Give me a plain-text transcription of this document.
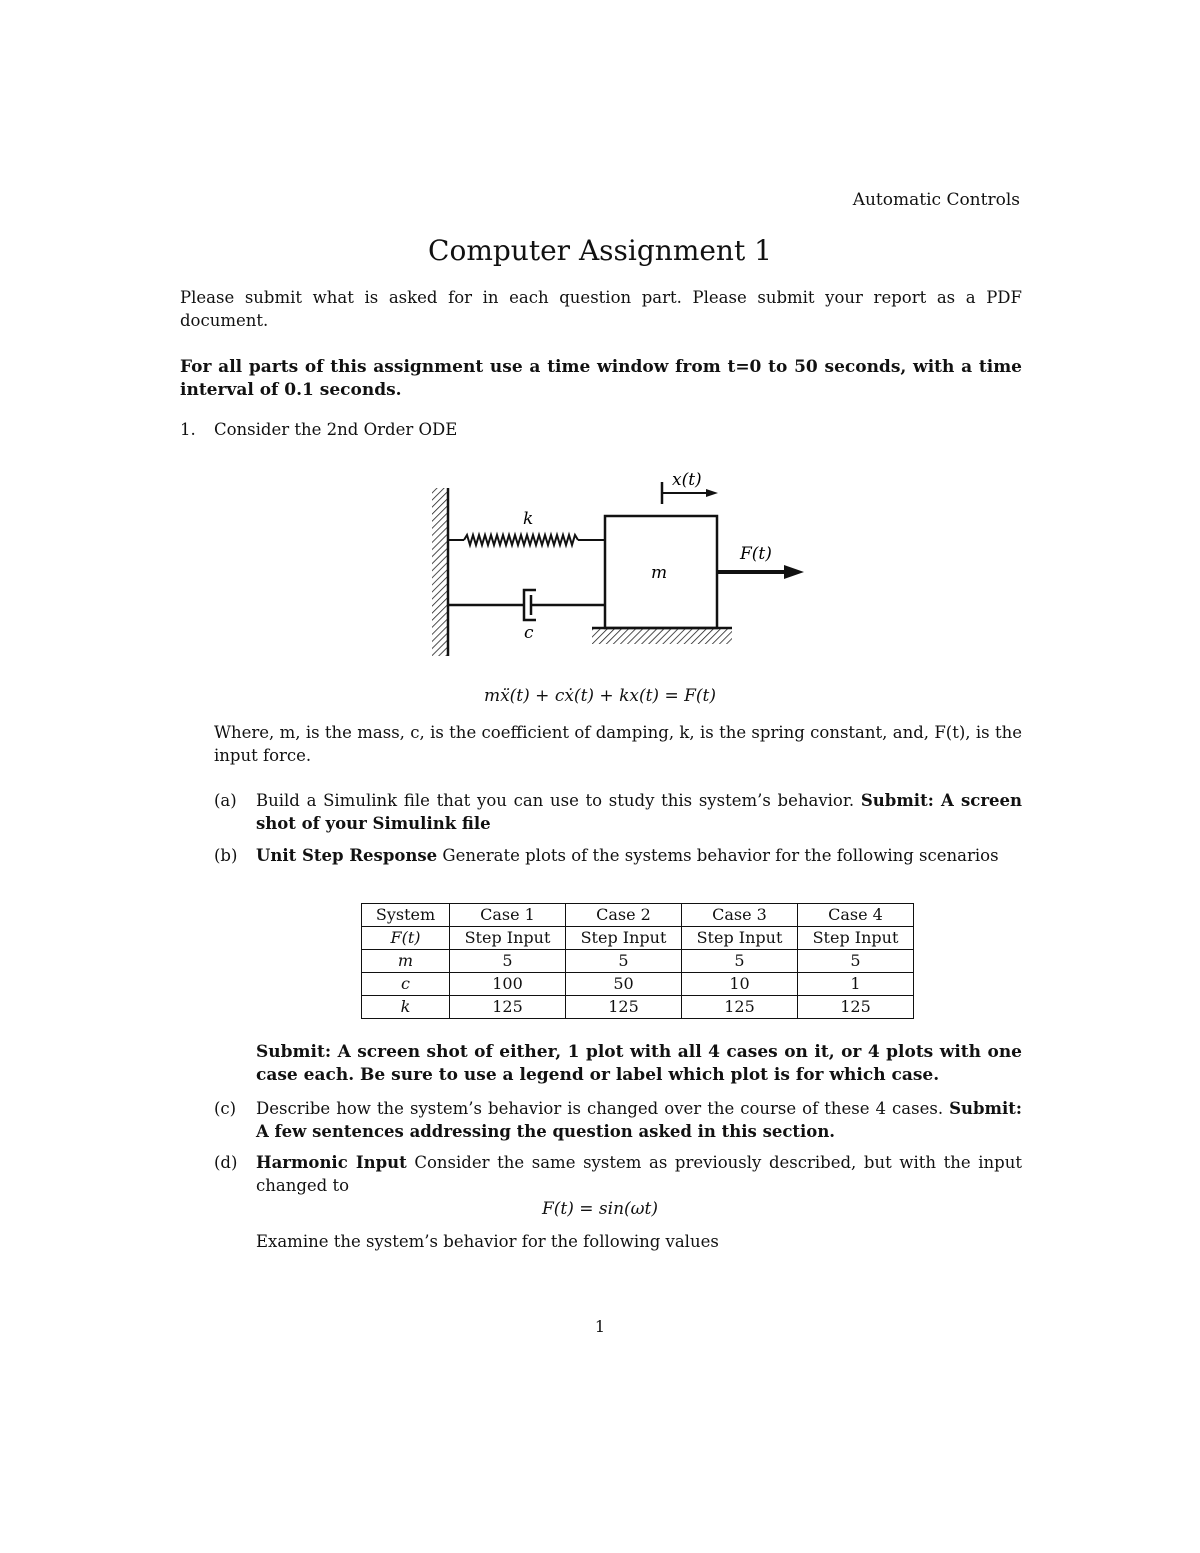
Automatic Controls
Computer Assignment 1
Please submit what is asked for in each question part. Please submit your report as a PDF document.
For all parts of this assignment use a time window from t=0 to 50 seconds, with a time interval of 0.1 seconds.
1. Consider the 2nd Order ODE
x(t)
k
m
c
F(t)
mẍ(t) + cẋ(t) + kx(t) = F(t)
Where, m, is the mass, c, is the coefficient of damping, k, is the spring constant, and, F(t), is the input force.
(a) Build a Simulink file that you can use to study this system’s behavior. Submit: A screen shot of your Simulink file
(b) Unit Step Response Generate plots of the systems behavior for the following scenarios
System	Case 1	Case 2	Case 3	Case 4
F(t)	Step Input	Step Input	Step Input	Step Input
m	5	5	5	5
c	100	50	10	1
k	125	125	125	125
Submit: A screen shot of either, 1 plot with all 4 cases on it, or 4 plots with one case each. Be sure to use a legend or label which plot is for which case.
(c) Describe how the system’s behavior is changed over the course of these 4 cases. Submit: A few sentences addressing the question asked in this section.
(d) Harmonic Input Consider the same system as previously described, but with the input changed to
F(t) = sin(ωt)
Examine the system’s behavior for the following values
1
